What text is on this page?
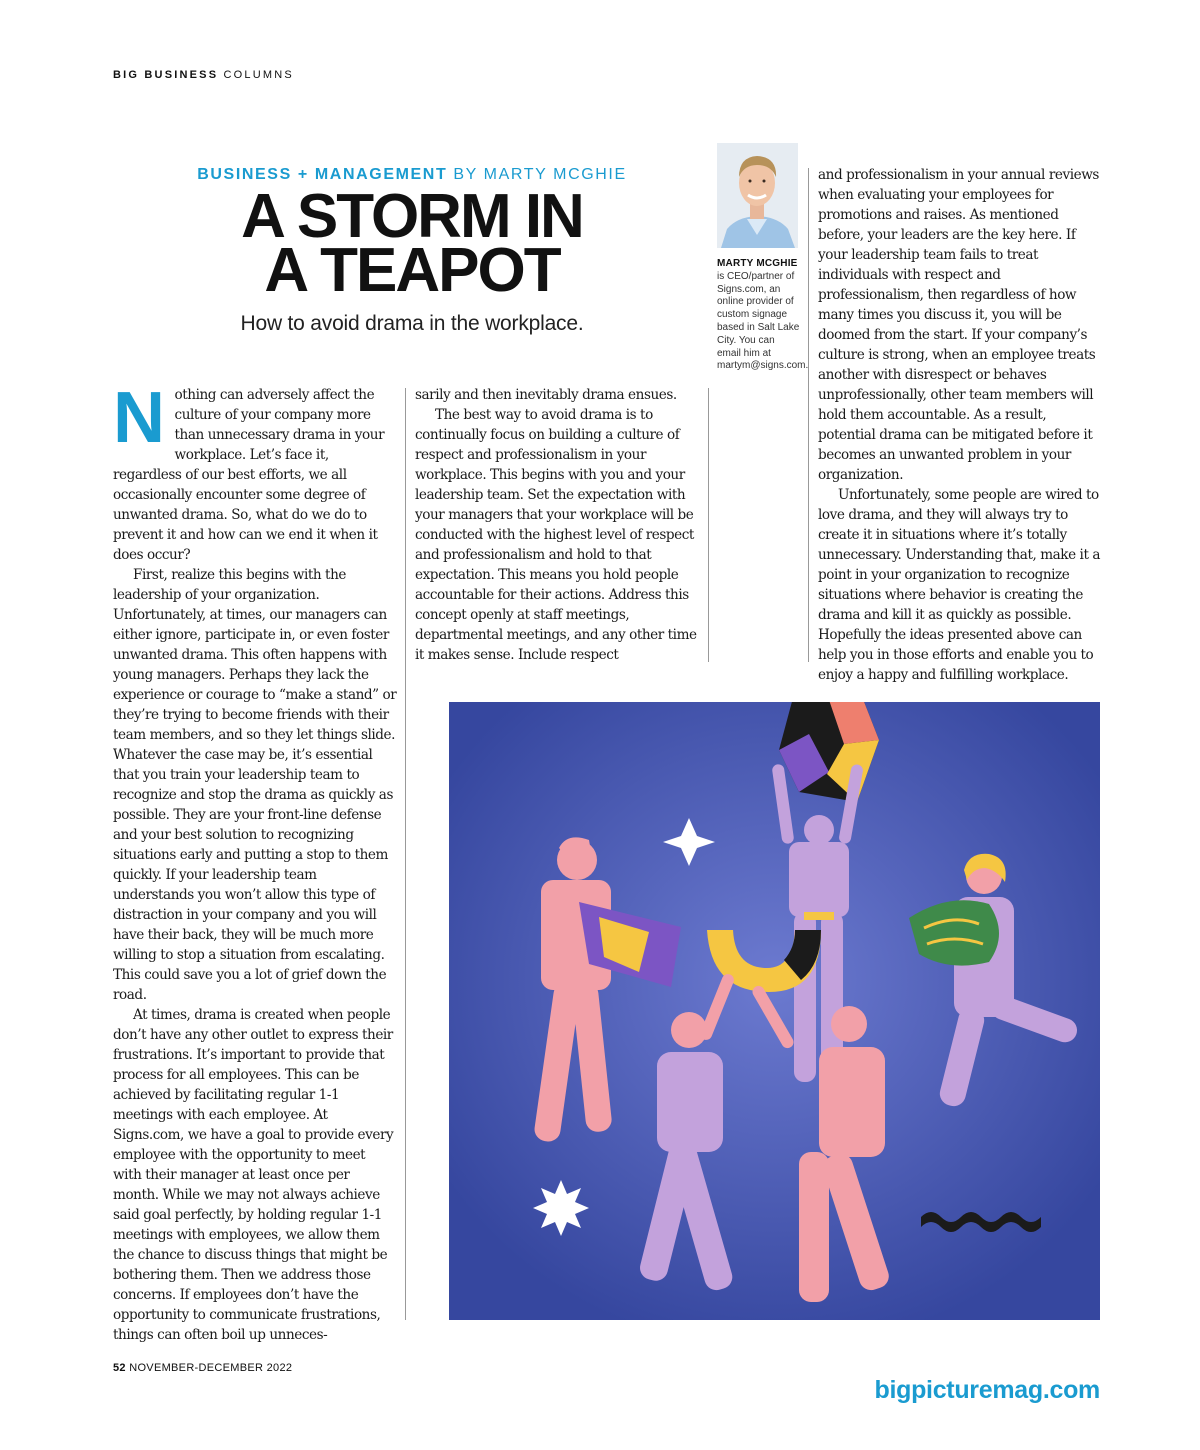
BIG BUSINESS COLUMNS
BUSINESS + MANAGEMENT BY MARTY MCGHIE
A STORM IN
A TEAPOT
How to avoid drama in the workplace.

Nothing can adversely affect the culture of your company more than unnecessary drama in your workplace. Let’s face it, regardless of our best efforts, we all occasionally encounter some degree of unwanted drama. So, what do we do to prevent it and how can we end it when it does occur?

First, realize this begins with the leadership of your organization. Unfortunately, at times, our managers can either ignore, participate in, or even foster unwanted drama. This often happens with young managers. Perhaps they lack the experience or courage to “make a stand” or they’re trying to become friends with their team members, and so they let things slide. Whatever the case may be, it’s essential that you train your leadership team to recognize and stop the drama as quickly as possible. They are your front-line defense and your best solution to recognizing situations early and putting a stop to them quickly. If your leadership team understands you won’t allow this type of distraction in your company and you will have their back, they will be much more willing to stop a situation from escalating. This could save you a lot of grief down the road.

At times, drama is created when people don’t have any other outlet to express their frustrations. It’s important to provide that process for all employees. This can be achieved by facilitating regular 1-1 meetings with each employee. At Signs.com, we have a goal to provide every employee with the opportunity to meet with their manager at least once per month. While we may not always achieve said goal perfectly, by holding regular 1-1 meetings with employees, we allow them the chance to discuss things that might be bothering them. Then we address those concerns. If employees don’t have the opportunity to communicate frustrations, things can often boil up unneces-

sarily and then inevitably drama ensues.

The best way to avoid drama is to continually focus on building a culture of respect and professionalism in your workplace. This begins with you and your leadership team. Set the expectation with your managers that your workplace will be conducted with the highest level of respect and professionalism and hold to that expectation. This means you hold people accountable for their actions. Address this concept openly at staff meetings, departmental meetings, and any other time it makes sense. Include respect

MARTY MCGHIE
is CEO/partner of Signs.com, an online provider of custom signage based in Salt Lake City. You can email him at martym@signs.com.

and professionalism in your annual reviews when evaluating your employees for promotions and raises. As mentioned before, your leaders are the key here. If your leadership team fails to treat individuals with respect and professionalism, then regardless of how many times you discuss it, you will be doomed from the start. If your company’s culture is strong, when an employee treats another with disrespect or behaves unprofessionally, other team members will hold them accountable. As a result, potential drama can be mitigated before it becomes an unwanted problem in your organization.

Unfortunately, some people are wired to love drama, and they will always try to create it in situations where it’s totally unnecessary. Understanding that, make it a point in your organization to recognize situations where behavior is creating the drama and kill it as quickly as possible. Hopefully the ideas presented above can help you in those efforts and enable you to enjoy a happy and fulfilling workplace.

52 NOVEMBER-DECEMBER 2022
bigpicturemag.com
